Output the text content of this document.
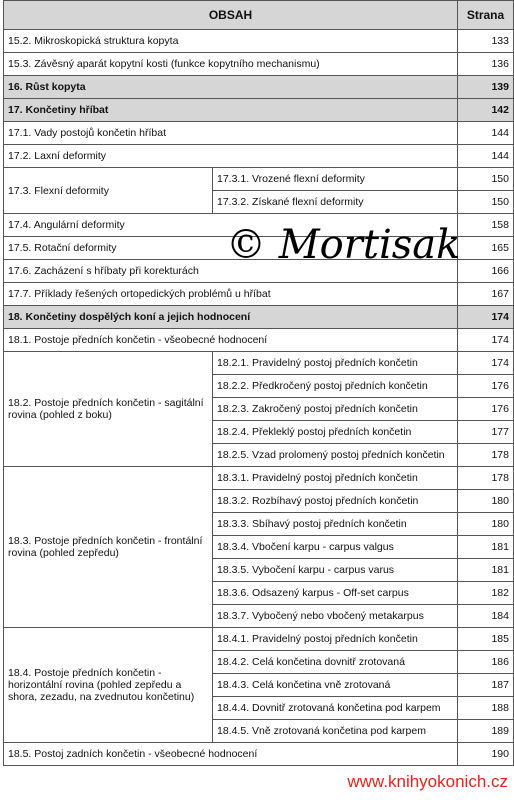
OBSAH		Strana
15.2. Mikroskopická struktura kopyta		133
15.3. Závěsný aparát kopytní kosti (funkce kopytního mechanismu)		136
16. Růst kopyta		139
17. Končetiny hříbat		142
17.1. Vady postojů končetin hříbat		144
17.2. Laxní deformity		144
17.3. Flexní deformity	17.3.1. Vrozené flexní deformity	150
	17.3.2. Získané flexní deformity	150
17.4. Angulární deformity		158
17.5. Rotační deformity		165
17.6. Zacházení s hříbaty při korekturách		166
17.7. Příklady řešených ortopedických problémů u hříbat		167
18. Končetiny dospělých koní a jejich hodnocení		174
18.1. Postoje předních končetin - všeobecné hodnocení		174
18.2. Postoje předních končetin - sagitální rovina (pohled z boku)	18.2.1. Pravidelný postoj předních končetin	174
	18.2.2. Předkročený postoj předních končetin	176
	18.2.3. Zakročený postoj předních končetin	176
	18.2.4. Překleklý postoj předních končetin	177
	18.2.5. Vzad prolomený postoj předních končetin	178
18.3. Postoje předních končetin - frontální rovina (pohled zepředu)	18.3.1. Pravidelný postoj předních končetin	178
	18.3.2. Rozbíhavý postoj předních končetin	180
	18.3.3. Sbíhavý postoj předních končetin	180
	18.3.4. Vbočení karpu - carpus valgus	181
	18.3.5. Vybočení karpu - carpus varus	181
	18.3.6. Odsazený karpus - Off-set carpus	182
	18.3.7. Vybočený nebo vbočený metakarpus	184
18.4. Postoje předních končetin - horizontální rovina (pohled zepředu a shora, zezadu, na zvednutou končetinu)	18.4.1. Pravidelný postoj předních končetin	185
	18.4.2. Celá končetina dovnitř zrotovaná	186
	18.4.3. Celá končetina vně zrotovaná	187
	18.4.4. Dovnitř zrotovaná končetina pod karpem	188
	18.4.5. Vně zrotovaná končetina pod karpem	189
18.5. Postoj zadních končetin - všeobecné hodnocení		190
© Mortisak
www.knihyokonich.cz
